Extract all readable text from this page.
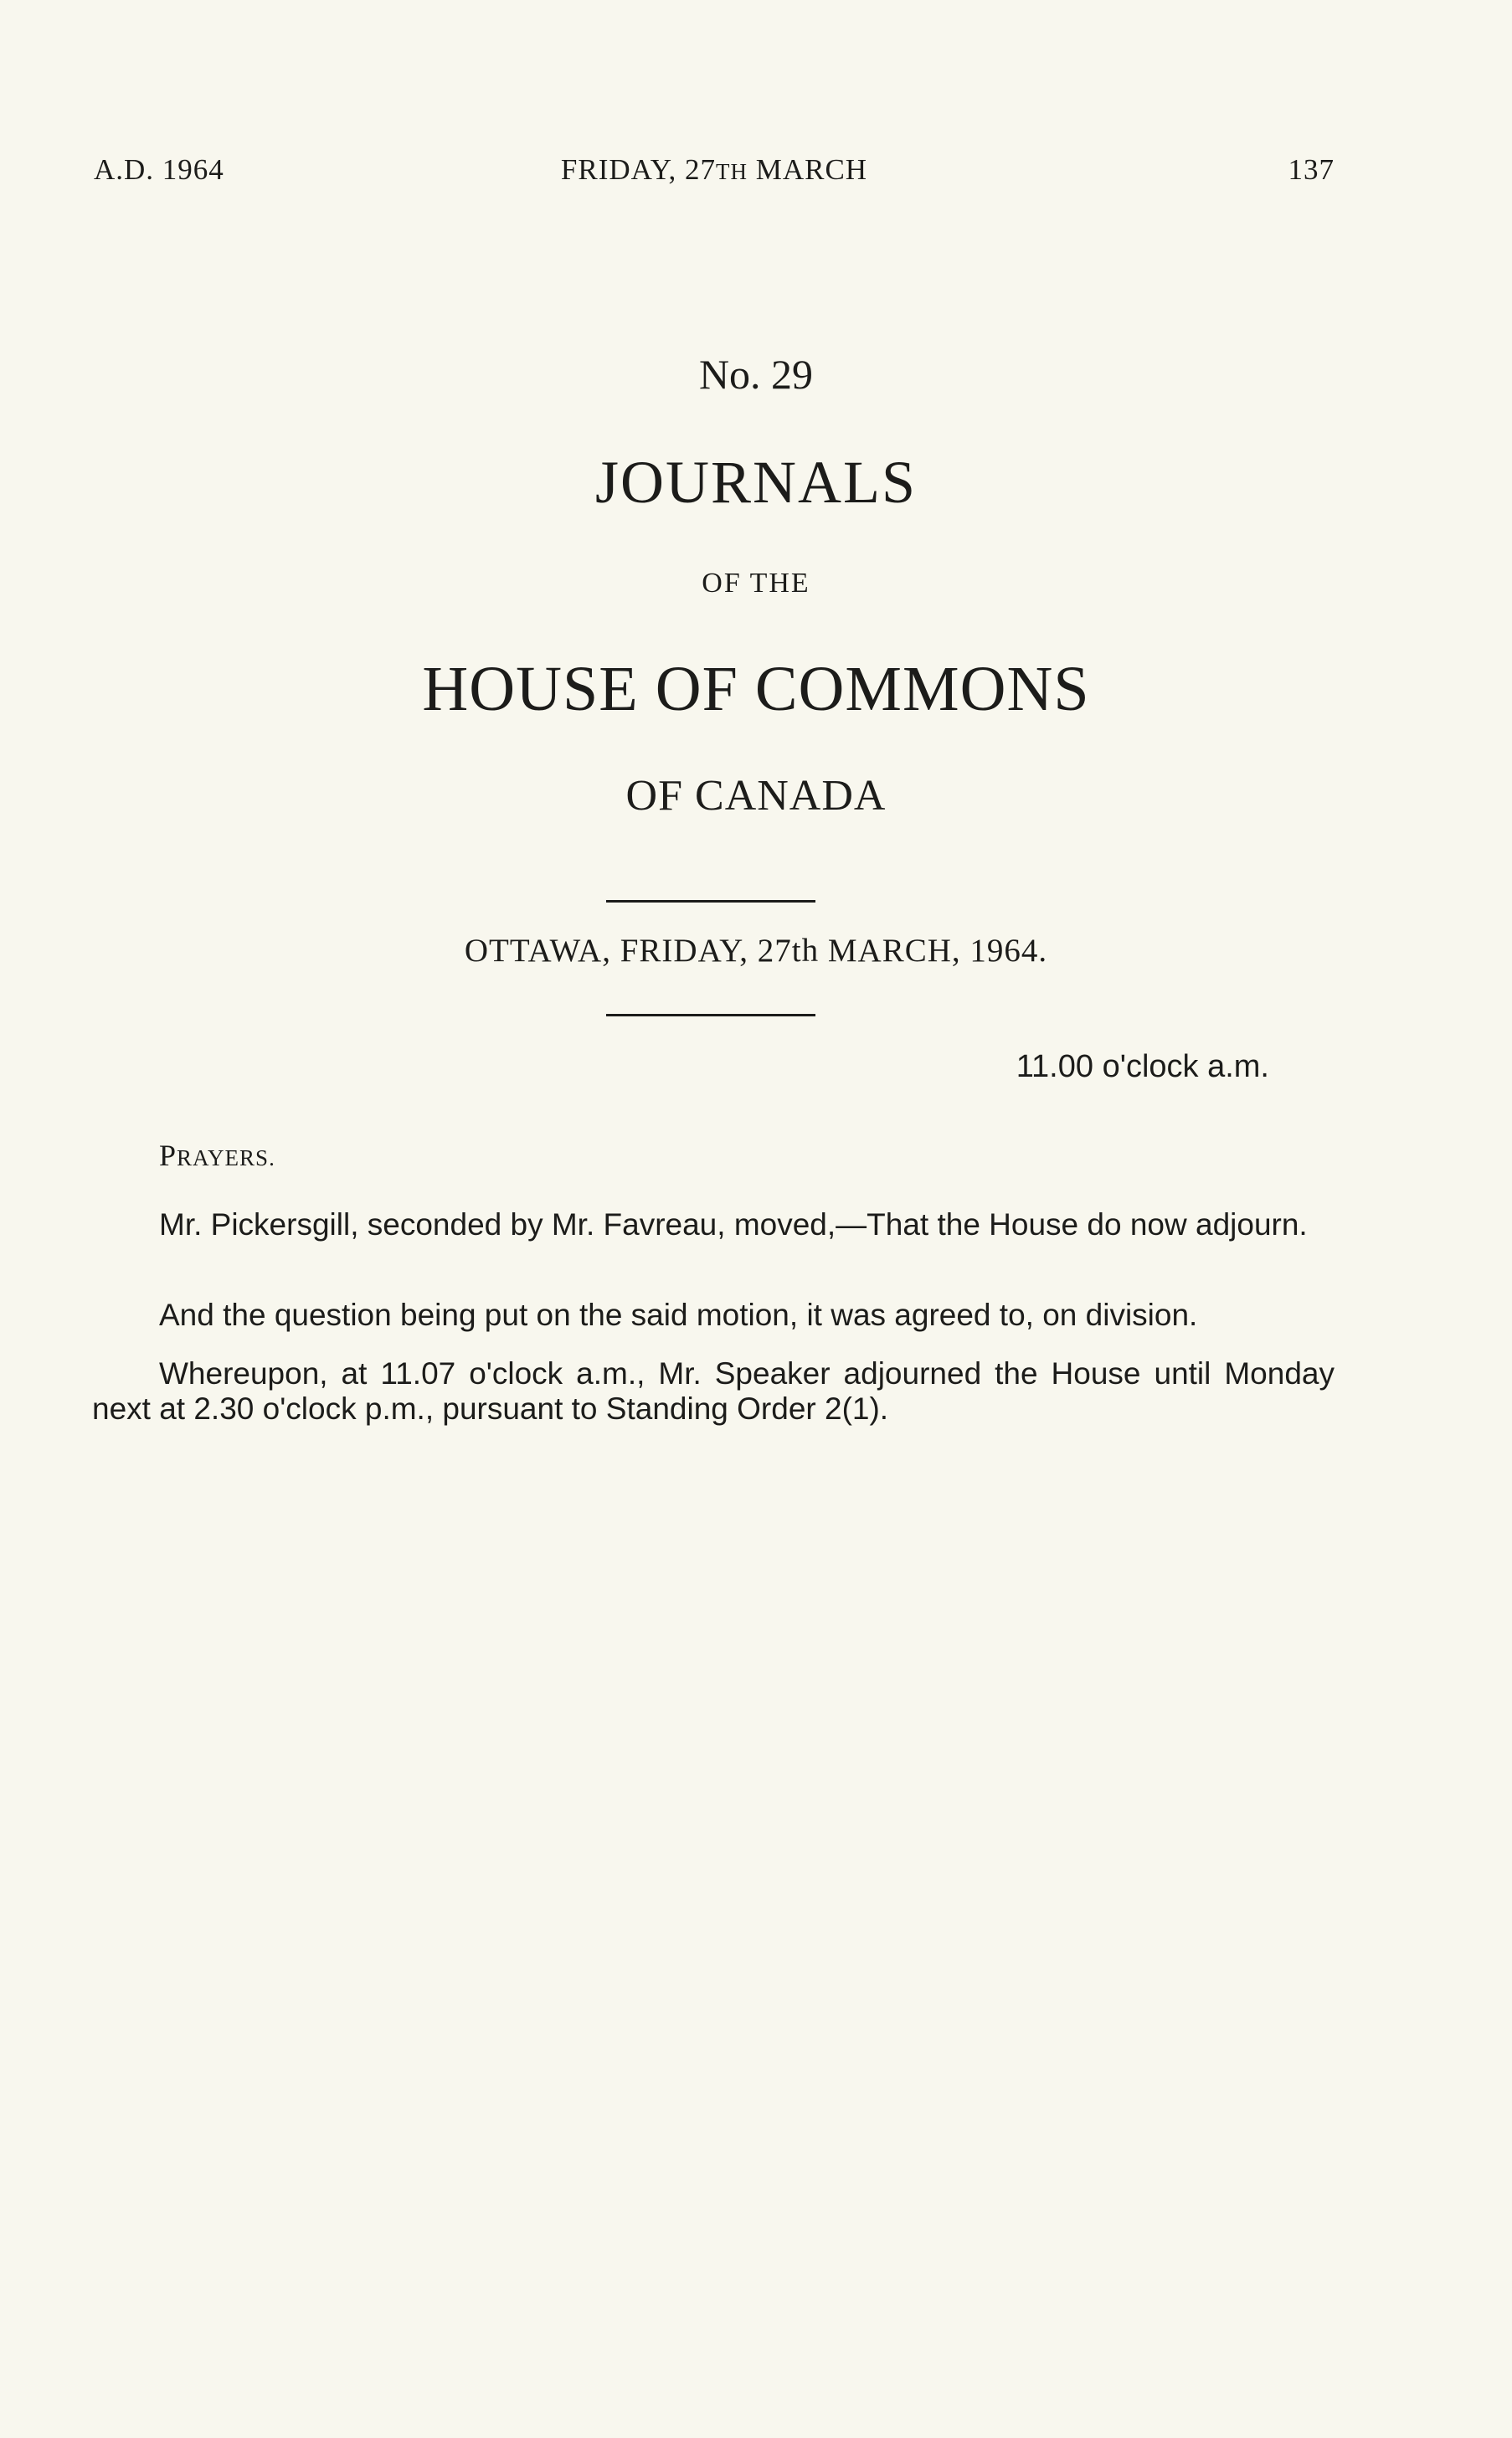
A.D. 1964	FRIDAY, 27TH MARCH	137
No. 29
JOURNALS
OF THE
HOUSE OF COMMONS
OF CANADA
OTTAWA, FRIDAY, 27th MARCH, 1964.
11.00 o'clock a.m.
PRAYERS.

Mr. Pickersgill, seconded by Mr. Favreau, moved,—That the House do now adjourn.

And the question being put on the said motion, it was agreed to, on division.

Whereupon, at 11.07 o'clock a.m., Mr. Speaker adjourned the House until Monday next at 2.30 o'clock p.m., pursuant to Standing Order 2(1).
